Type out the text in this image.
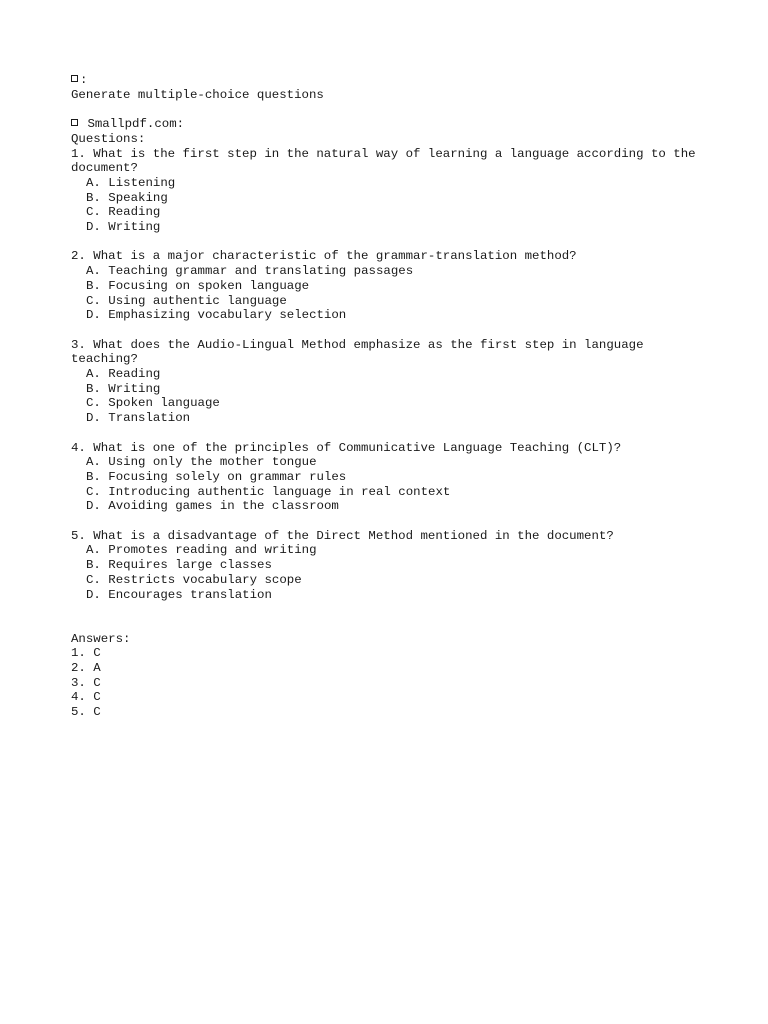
:
Generate multiple-choice questions
Smallpdf.com:
Questions:
1. What is the first step in the natural way of learning a language according to the document?
A. Listening
B. Speaking
C. Reading
D. Writing
2. What is a major characteristic of the grammar-translation method?
A. Teaching grammar and translating passages
B. Focusing on spoken language
C. Using authentic language
D. Emphasizing vocabulary selection
3. What does the Audio-Lingual Method emphasize as the first step in language teaching?
A. Reading
B. Writing
C. Spoken language
D. Translation
4. What is one of the principles of Communicative Language Teaching (CLT)?
A. Using only the mother tongue
B. Focusing solely on grammar rules
C. Introducing authentic language in real context
D. Avoiding games in the classroom
5. What is a disadvantage of the Direct Method mentioned in the document?
A. Promotes reading and writing
B. Requires large classes
C. Restricts vocabulary scope
D. Encourages translation
Answers:
1. C
2. A
3. C
4. C
5. C
